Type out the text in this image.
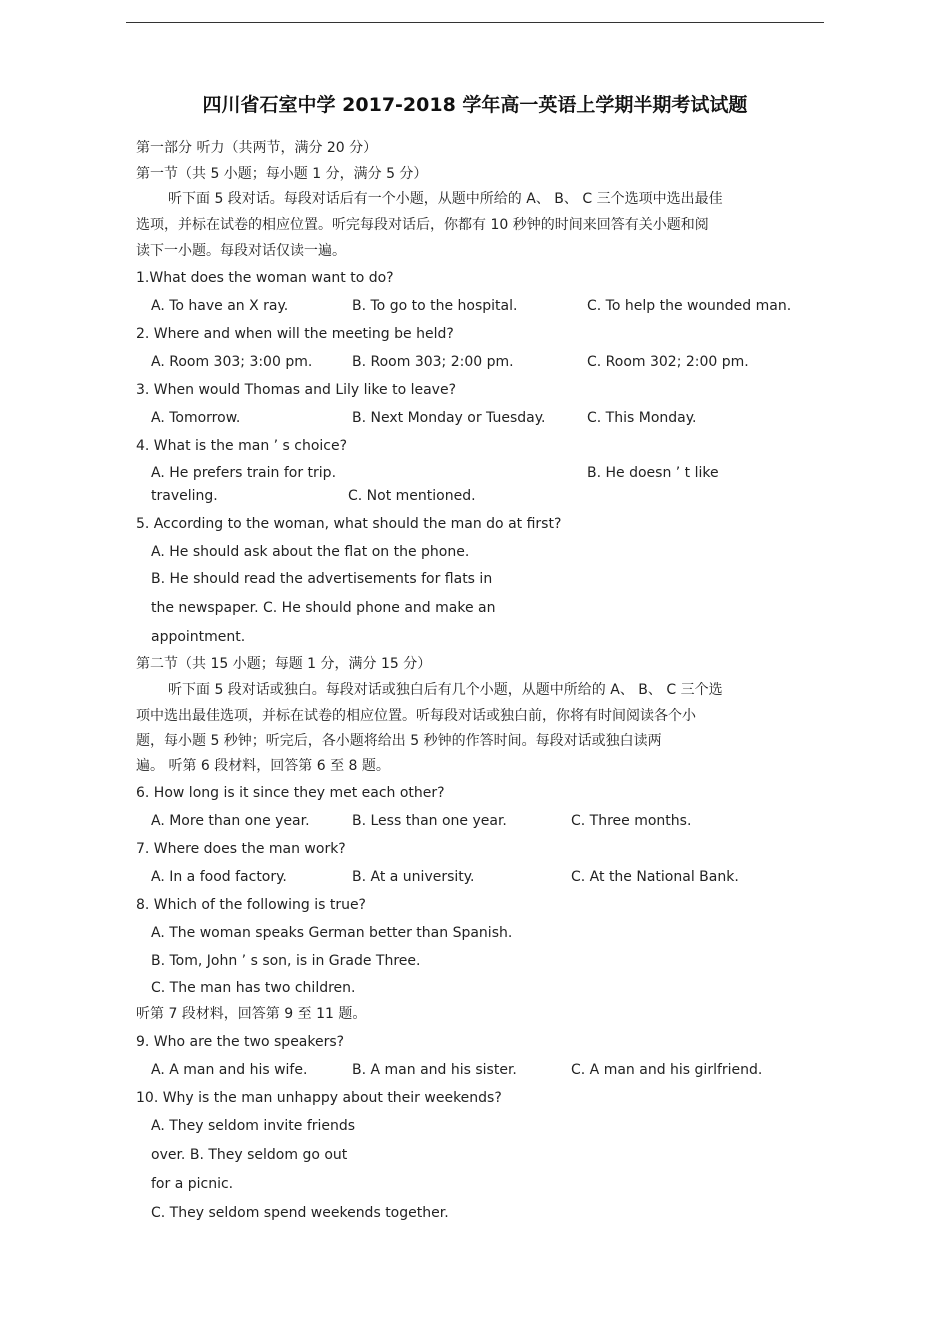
四川省石室中学 2017-2018 学年高一英语上学期半期考试试题
第一部分 听力（共两节，满分 20 分）
第一节（共 5 小题；每小题 1 分，满分 5 分）
听下面 5 段对话。每段对话后有一个小题，从题中所给的 A、 B、 C 三个选项中选出最佳
选项，并标在试卷的相应位置。听完每段对话后，你都有 10 秒钟的时间来回答有关小题和阅
读下一小题。每段对话仅读一遍。
1.What does the woman want to do?
A. To have an X ray.	B. To go to the hospital.	C. To help the wounded man.
2. Where and when will the meeting be held?
A. Room 303; 3:00 pm.	B. Room 303; 2:00 pm.	C. Room 302; 2:00 pm.
3. When would Thomas and Lily like to leave?
A. Tomorrow.	B. Next Monday or Tuesday.	C. This Monday.
4. What is the man ’ s choice?
A. He prefers train for trip.	B. He doesn ’ t like
traveling.	C. Not mentioned.
5. According to the woman, what should the man do at first?
A. He should ask about the flat on the phone.
B. He should read the advertisements for flats in
the newspaper. C. He should phone and make an
appointment.
第二节（共 15 小题；每题 1 分，满分 15 分）
听下面 5 段对话或独白。每段对话或独白后有几个小题，从题中所给的 A、 B、 C 三个选
项中选出最佳选项，并标在试卷的相应位置。听每段对话或独白前，你将有时间阅读各个小
题，每小题 5 秒钟；听完后，各小题将给出 5 秒钟的作答时间。每段对话或独白读两
遍。 听第 6 段材料，回答第 6 至 8 题。
6. How long is it since they met each other?
A. More than one year.	B. Less than one year.	C. Three months.
7. Where does the man work?
A. In a food factory.	B. At a university.	C. At the National Bank.
8. Which of the following is true?
A. The woman speaks German better than Spanish.
B. Tom, John ’ s son, is in Grade Three.
C. The man has two children.
听第 7 段材料，回答第 9 至 11 题。
9. Who are the two speakers?
A. A man and his wife.	B. A man and his sister.	C. A man and his girlfriend.
10. Why is the man unhappy about their weekends?
A. They seldom invite friends
over. B. They seldom go out
for a picnic.
C. They seldom spend weekends together.
